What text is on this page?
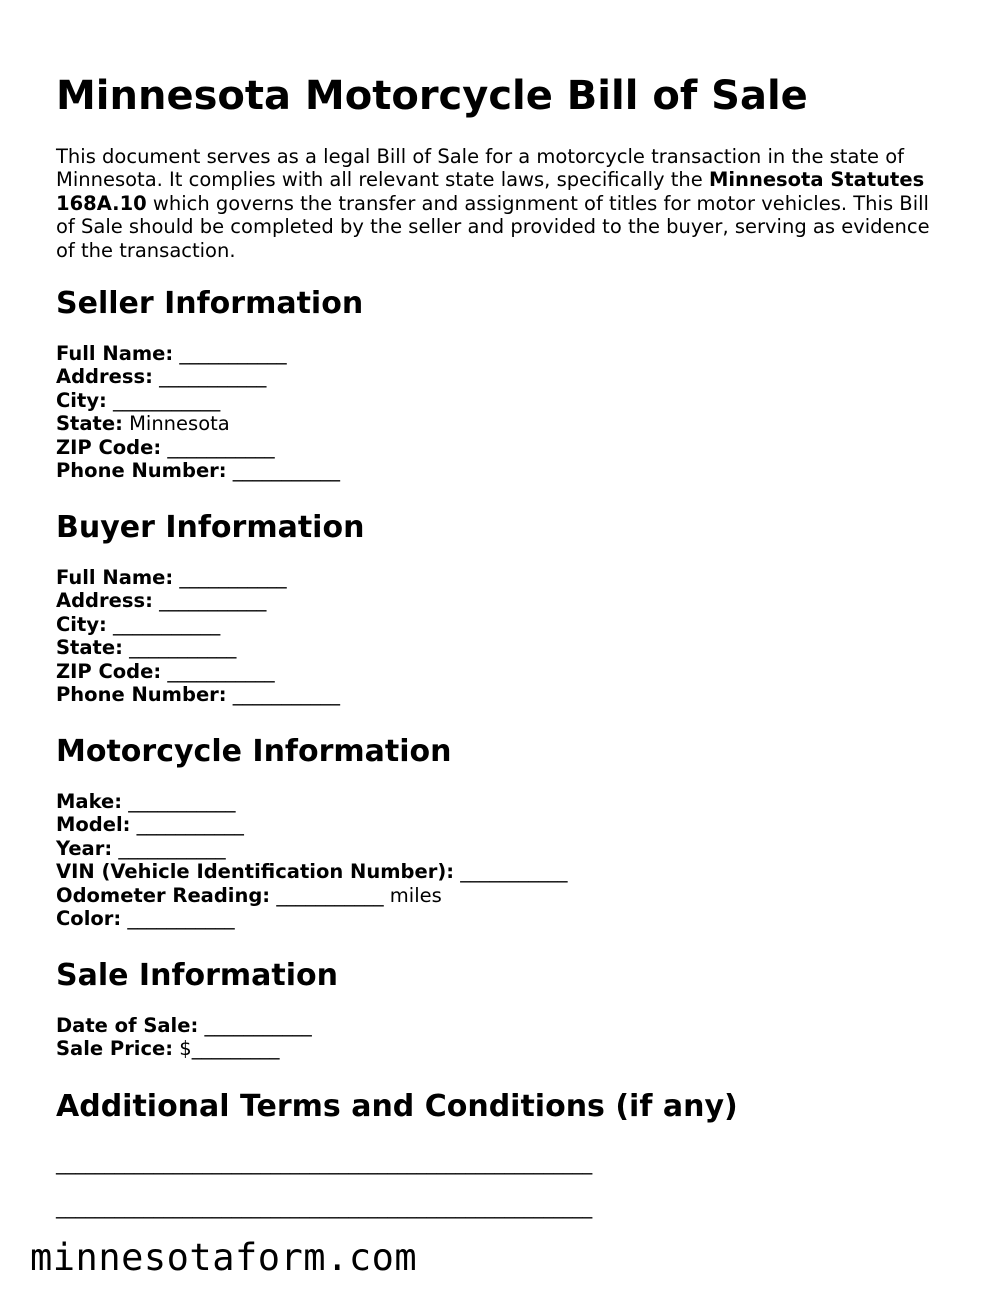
Minnesota Motorcycle Bill of Sale

This document serves as a legal Bill of Sale for a motorcycle transaction in the state of Minnesota. It complies with all relevant state laws, specifically the Minnesota Statutes 168A.10 which governs the transfer and assignment of titles for motor vehicles. This Bill of Sale should be completed by the seller and provided to the buyer, serving as evidence of the transaction.

Seller Information
Full Name: ___________
Address: ___________
City: ___________
State: Minnesota
ZIP Code: ___________
Phone Number: ___________
Buyer Information
Full Name: ___________
Address: ___________
City: ___________
State: ___________
ZIP Code: ___________
Phone Number: ___________
Motorcycle Information
Make: ___________
Model: ___________
Year: ___________
VIN (Vehicle Identification Number): ___________
Odometer Reading: ___________ miles
Color: ___________
Sale Information
Date of Sale: ___________
Sale Price: $_________
Additional Terms and Conditions (if any)
_______________________________________________________
_______________________________________________________
minnesotaform.com
